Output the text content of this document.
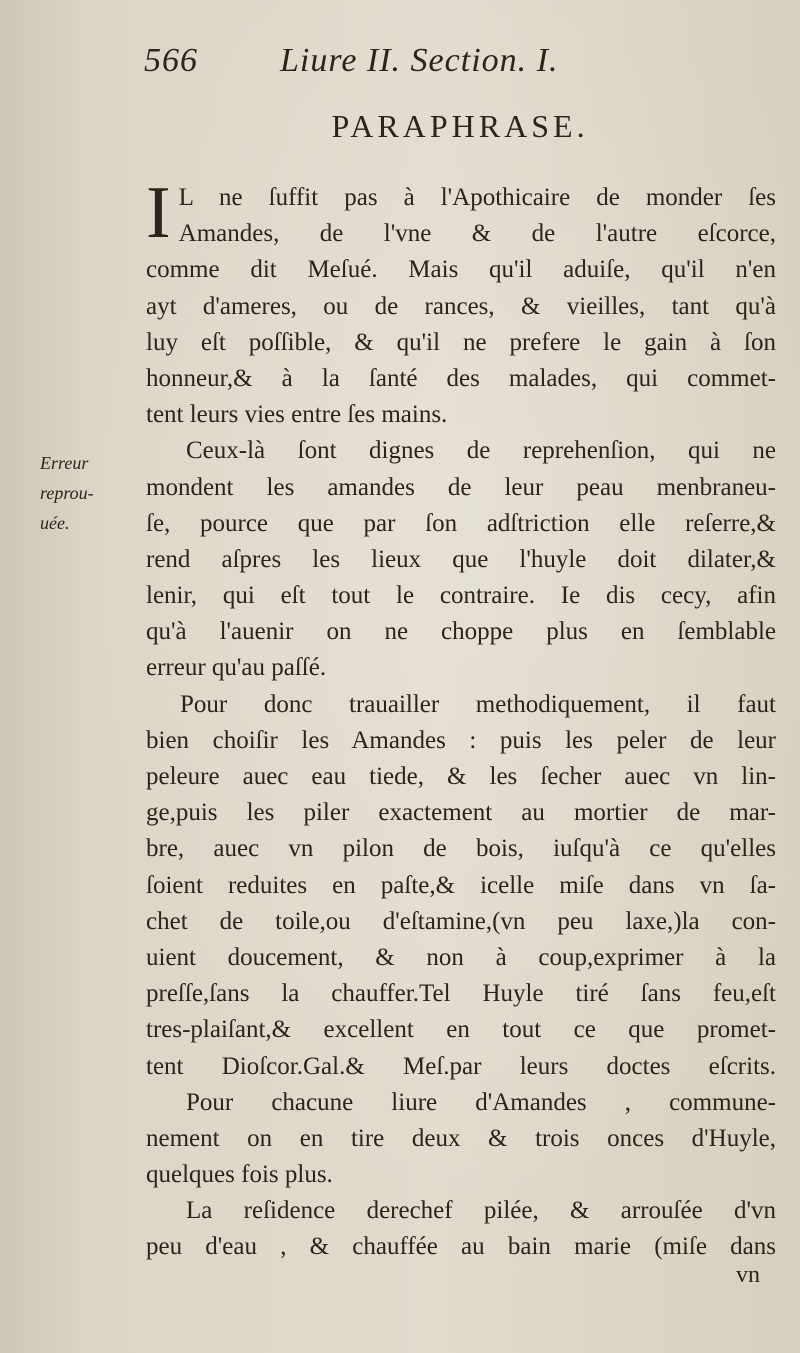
566 Liure II. Section. I.
PARAPHRASE.
Erreur
reprou-
uée.
I L ne ſuffit pas à l'Apothicaire de monder ſes
Amandes, de l'vne & de l'autre eſcorce,
comme dit Meſué. Mais qu'il aduiſe, qu'il n'en
ayt d'ameres, ou de rances, & vieilles, tant qu'à
luy eſt poſſible, & qu'il ne prefere le gain à ſon
honneur,& à la ſanté des malades, qui commet-
tent leurs vies entre ſes mains.
Ceux-là ſont dignes de reprehenſion, qui ne
mondent les amandes de leur peau menbraneu-
ſe, pource que par ſon adſtriction elle reſerre,&
rend aſpres les lieux que l'huyle doit dilater,&
lenir, qui eſt tout le contraire. Ie dis cecy, afin
qu'à l'auenir on ne choppe plus en ſemblable
erreur qu'au paſſé.
Pour donc trauailler methodiquement, il faut
bien choiſir les Amandes : puis les peler de leur
peleure auec eau tiede, & les ſecher auec vn lin-
ge,puis les piler exactement au mortier de mar-
bre, auec vn pilon de bois, iuſqu'à ce qu'elles
ſoient reduites en paſte,& icelle miſe dans vn ſa-
chet de toile,ou d'eſtamine,(vn peu laxe,)la con-
uient doucement, & non à coup,exprimer à la
preſſe,ſans la chauffer.Tel Huyle tiré ſans feu,eſt
tres-plaiſant,& excellent en tout ce que promet-
tent Dioſcor.Gal.& Meſ.par leurs doctes eſcrits.
Pour chacune liure d'Amandes , commune-
nement on en tire deux & trois onces d'Huyle,
quelques fois plus.
La reſidence derechef pilée, & arrouſée d'vn
peu d'eau , & chauffée au bain marie (miſe dans
vn
